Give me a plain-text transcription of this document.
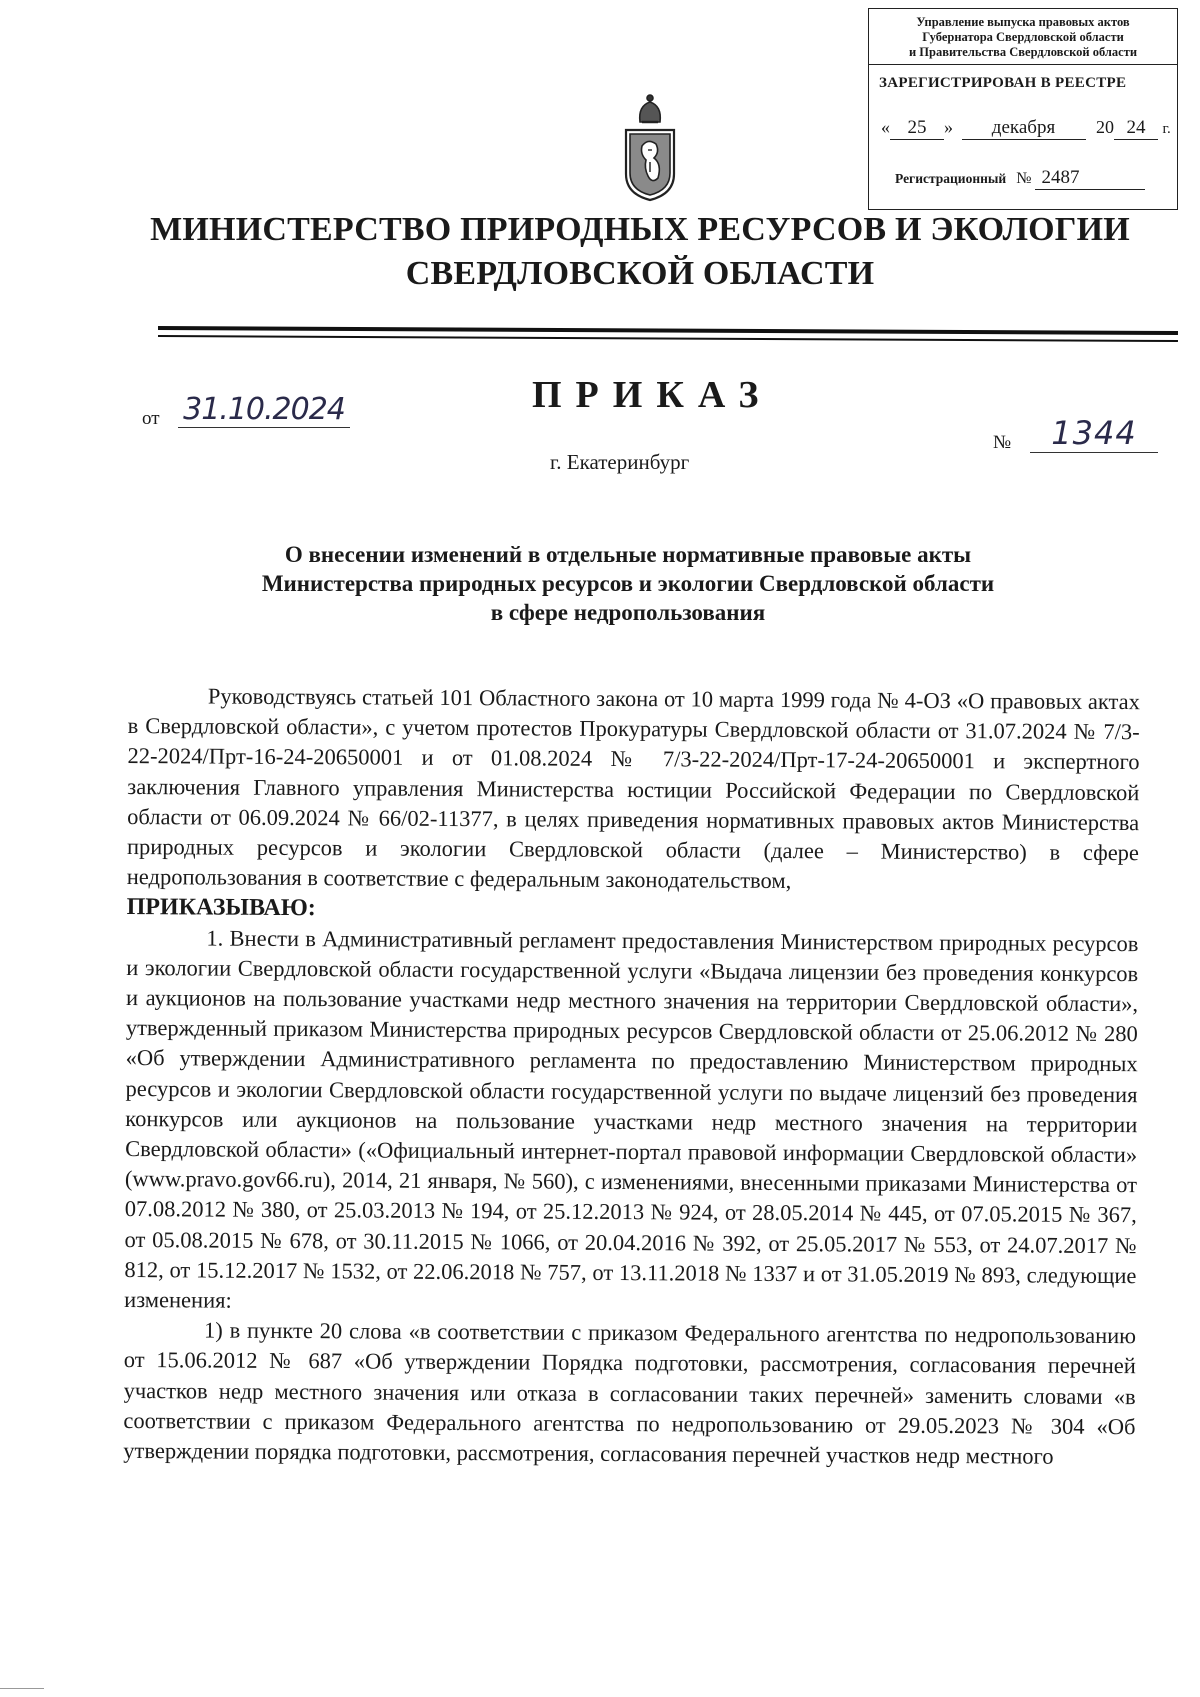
Управление выпуска правовых актов
Губернатора Свердловской области
и Правительства Свердловской области
ЗАРЕГИСТРИРОВАН В РЕЕСТРЕ
« 25 » декабря 20 24 г.
Регистрационный № 2487
МИНИСТЕРСТВО ПРИРОДНЫХ РЕСУРСОВ И ЭКОЛОГИИ
СВЕРДЛОВСКОЙ ОБЛАСТИ
ПРИКАЗ
от 31.10.2024
№	1344
г. Екатеринбург
О внесении изменений в отдельные нормативные правовые акты
Министерства природных ресурсов и экологии Свердловской области
в сфере недропользования

Руководствуясь статьей 101 Областного закона от 10 марта 1999 года № 4-ОЗ «О правовых актах в Свердловской области», с учетом протестов Прокуратуры Свердловской области от 31.07.2024 № 7/3-22-2024/Прт-16-24-20650001 и от 01.08.2024 № 7/3-22-2024/Прт-17-24-20650001 и экспертного заключения Главного управления Министерства юстиции Российской Федерации по Свердловской области от 06.09.2024 № 66/02-11377, в целях приведения нормативных правовых актов Министерства природных ресурсов и экологии Свердловской области (далее – Министерство) в сфере недропользования в соответствие с федеральным законодательством,

ПРИКАЗЫВАЮ:

1. Внести в Административный регламент предоставления Министерством природных ресурсов и экологии Свердловской области государственной услуги «Выдача лицензии без проведения конкурсов и аукционов на пользование участками недр местного значения на территории Свердловской области», утвержденный приказом Министерства природных ресурсов Свердловской области от 25.06.2012 № 280 «Об утверждении Административного регламента по предоставлению Министерством природных ресурсов и экологии Свердловской области государственной услуги по выдаче лицензий без проведения конкурсов или аукционов на пользование участками недр местного значения на территории Свердловской области» («Официальный интернет-портал правовой информации Свердловской области» (www.pravo.gov66.ru), 2014, 21 января, № 560), с изменениями, внесенными приказами Министерства от 07.08.2012 № 380, от 25.03.2013 № 194, от 25.12.2013 № 924, от 28.05.2014 № 445, от 07.05.2015 № 367, от 05.08.2015 № 678, от 30.11.2015 № 1066, от 20.04.2016 № 392, от 25.05.2017 № 553, от 24.07.2017 № 812, от 15.12.2017 № 1532, от 22.06.2018 № 757, от 13.11.2018 № 1337 и от 31.05.2019 № 893, следующие изменения:

1) в пункте 20 слова «в соответствии с приказом Федерального агентства по недропользованию от 15.06.2012 № 687 «Об утверждении Порядка подготовки, рассмотрения, согласования перечней участков недр местного значения или отказа в согласовании таких перечней» заменить словами «в соответствии с приказом Федерального агентства по недропользованию от 29.05.2023 № 304 «Об утверждении порядка подготовки, рассмотрения, согласования перечней участков недр местного
